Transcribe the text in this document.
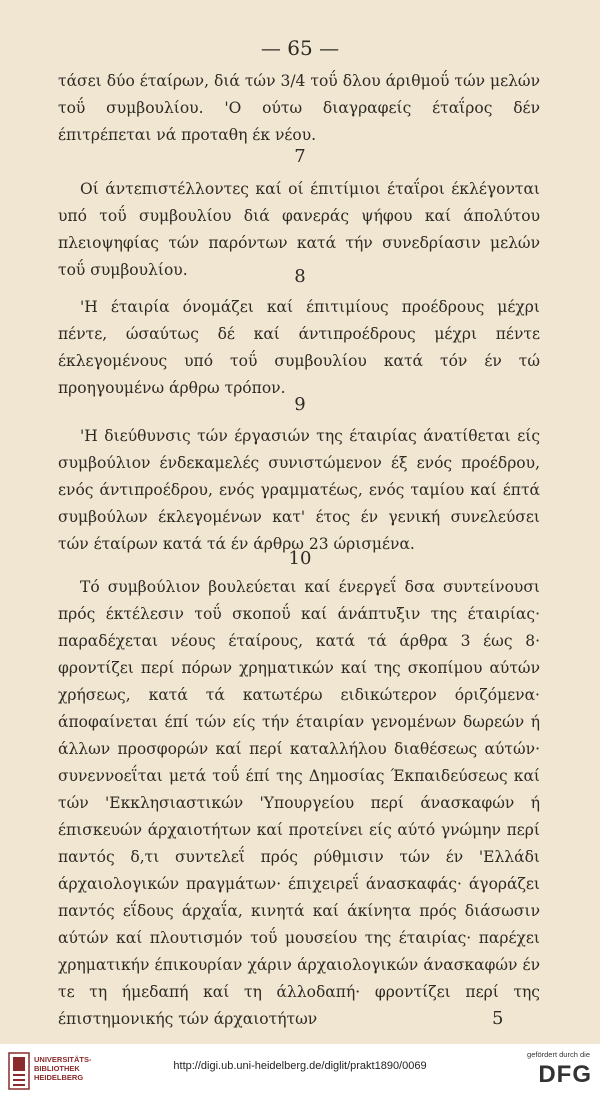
— 65 —

τάσει δύο έταίρων, διά τών 3/4 τοΰ δλου άριθμοΰ τών μελών τοΰ συμβουλίου. 'Ο ούτω διαγραφείς έταΐρος δέν έπιτρέπεται νά προταθη έκ νέου.

7

Οί άντεπιστέλλοντες καί οί έπιτίμιοι έταΐροι έκλέγονται υπό τοΰ συμβουλίου διά φανεράς ψήφου καί άπολύτου πλειοψηφίας τών παρόντων κατά τήν συνεδρίασιν μελών τοΰ συμβουλίου.	8

'Η έταιρία όνομάζει καί έπιτιμίους προέδρους μέχρι πέντε, ώσαύτως δέ καί άντιπροέδρους μέχρι πέντε έκλεγομένους υπό τοΰ συμβουλίου κατά τόν έν τώ προηγουμένω άρθρω τρόπον.

9

'Η διεύθυνσις τών έργασιών της έταιρίας άνατίθεται είς συμβούλιον ένδεκαμελές συνιστώμενον έξ ενός προέδρου, ενός άντιπροέδρου, ενός γραμματέως, ενός ταμίου καί έπτά συμβούλων έκλεγομένων κατ' έτος έν γενική συνελεύσει τών έταίρων κατά τά έν άρθρω 23 ώρισμένα.

10

Τό συμβούλιον βουλεύεται καί ένεργεΐ δσα συντείνουσι πρός έκτέλεσιν τοΰ σκοποΰ καί άνάπτυξιν της έταιρίας· παραδέχεται νέους έταίρους, κατά τά άρθρα 3 έως 8· φροντίζει περί πόρων χρηματικών καί της σκοπίμου αύτών χρήσεως, κατά τά κατωτέρω ειδικώτερον όριζόμενα· άποφαίνεται έπί τών είς τήν έταιρίαν γενομένων δωρεών ή άλλων προσφορών καί περί καταλλήλου διαθέσεως αύτών· συνεννοεΐται μετά τοΰ έπί της Δημοσίας Έκπαιδεύσεως καί τών 'Εκκλησιαστικών 'Υπουργείου περί άνασκαφών ή έπισκευών άρχαιοτήτων καί προτείνει είς αύτό γνώμην περί παντός δ,τι συντελεΐ πρός ρύθμισιν τών έν 'Ελλάδι άρχαιολογικών πραγμάτων· έπιχειρεΐ άνασκαφάς· άγοράζει παντός εΐδους άρχαΐα, κινητά καί άκίνητα πρός διάσωσιν αύτών καί πλουτισμόν τοΰ μουσείου της έταιρίας· παρέχει χρηματικήν έπικουρίαν χάριν άρχαιολογικών άνασκαφών έν τε τη ήμεδαπή καί τη άλλοδαπή· φροντίζει περί της έπιστημονικής τών άρχαιοτήτων	5
UNIVERSITÄTS-
BIBLIOTHEK
HEIDELBERG
http://digi.ub.uni-heidelberg.de/diglit/prakt1890/0069
gefördert durch die
DFG
